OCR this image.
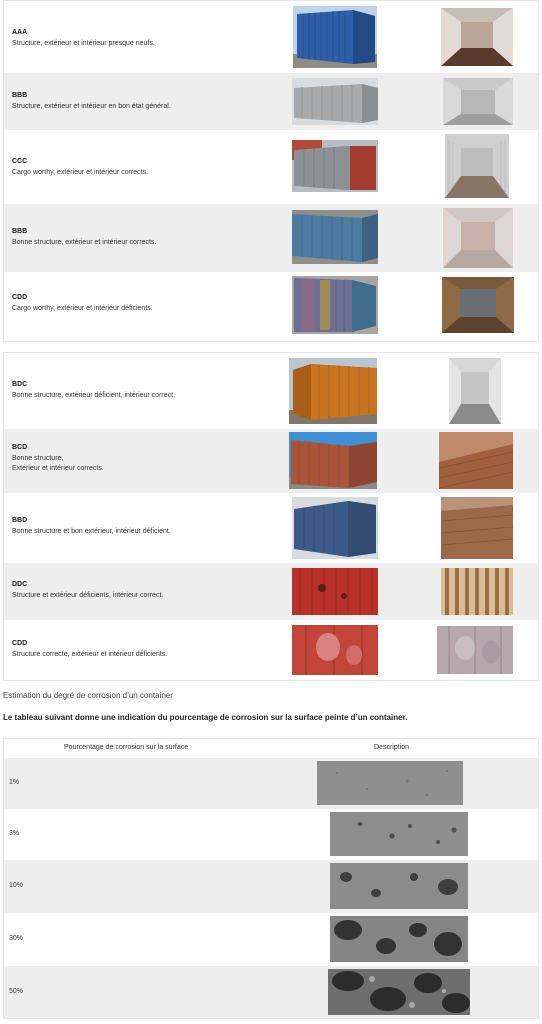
AAA
Structure, extérieur et intérieur presque neufs.
BBB
Structure, extérieur et intérieur en bon état général.
CCC
Cargo worthy, extérieur et intérieur corrects.
BBB
Bonne structure, extérieur et intérieur corrects.
CDD
Cargo worthy, extérieur et intérieur déficients.
BDC
Bonne structure, extérieur déficient, intérieur correct.
BCD
Bonne structure,
Extérieur et intérieur corrects.
BBD
Bonne structure et bon extérieur, intérieur déficient.
DDC
Structure et extérieur déficients, intérieur correct.
CDD
Structure correcte, extérieur et intérieur déficients.
Estimation du degré de corrosion d’un container

Le tableau suivant donne une indication du pourcentage de corrosion sur la surface peinte d’un container.

Pourcentage de corrosion sur la surface	Description
1%
3%
10%
30%
50%
